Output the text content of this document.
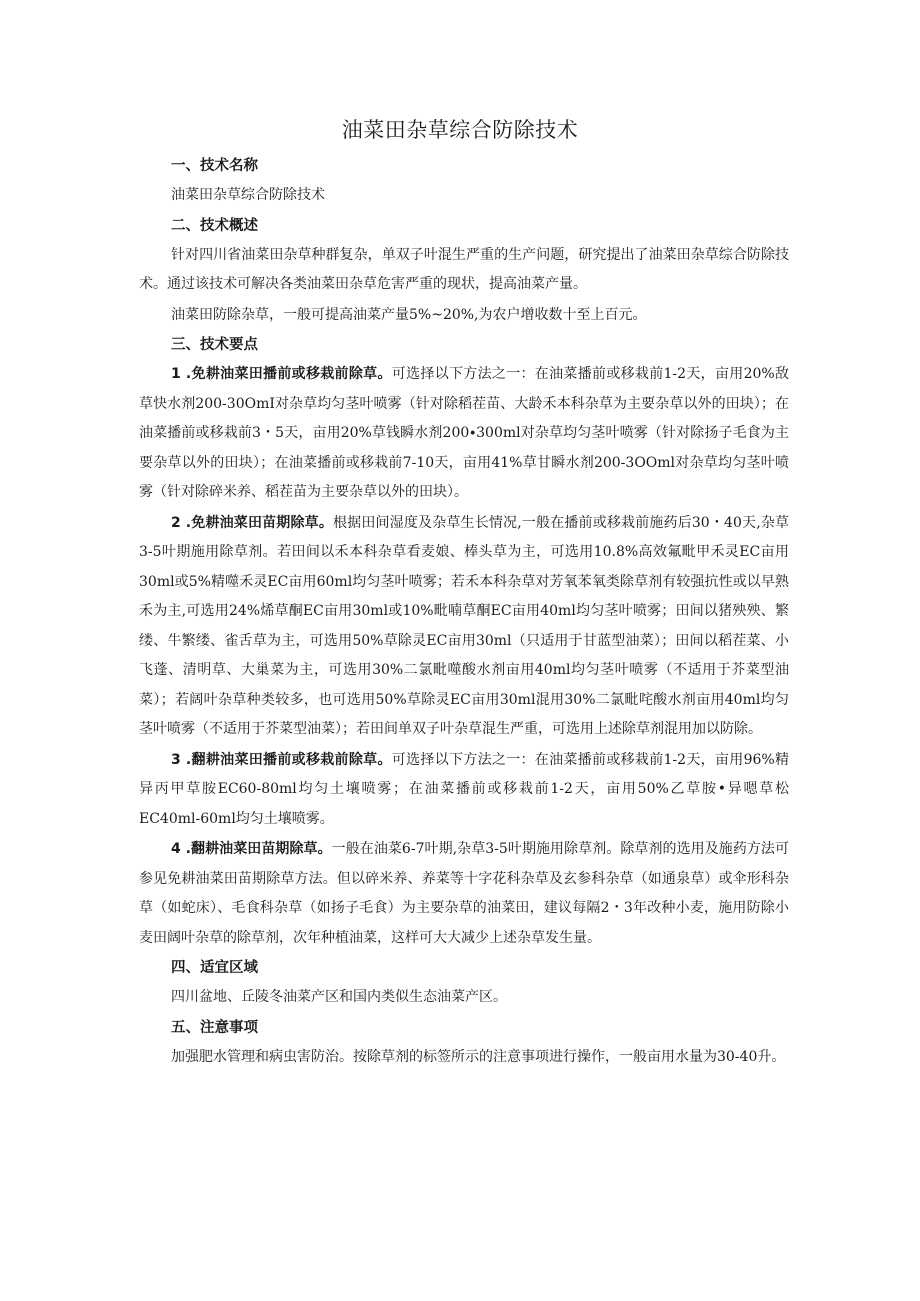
油菜田杂草综合防除技术
一、技术名称

油菜田杂草综合防除技术

二、技术概述

针对四川省油菜田杂草种群复杂，单双子叶混生严重的生产问题，研究提出了油菜田杂草综合防除技术。通过该技术可解决各类油菜田杂草危害严重的现状，提高油菜产量。

油菜田防除杂草，一般可提高油菜产量5%~20%,为农户增收数十至上百元。

三、技术要点

1 .免耕油菜田播前或移栽前除草。可选择以下方法之一：在油菜播前或移栽前1-2天，亩用20%敌草快水剂200-30OmI对杂草均匀茎叶喷雾（针对除稻茬苗、大龄禾本科杂草为主要杂草以外的田块）；在油菜播前或移栽前3・5天，亩用20%草钱瞬水剂200∙300ml对杂草均匀茎叶喷雾（针对除扬子毛食为主要杂草以外的田块）；在油菜播前或移栽前7-10天，亩用41%草甘瞬水剂200-3OOml对杂草均匀茎叶喷雾（针对除碎米养、稻茬苗为主要杂草以外的田块）。

2 .免耕油菜田苗期除草。根据田间湿度及杂草生长情况,一般在播前或移栽前施药后30・40天,杂草3-5叶期施用除草剂。若田间以禾本科杂草看麦娘、棒头草为主，可选用10.8%高效氟毗甲禾灵EC亩用30ml或5%精噬禾灵EC亩用60ml均匀茎叶喷雾；若禾本科杂草对芳氧苯氧类除草剂有较强抗性或以早熟禾为主,可选用24%烯草酮EC亩用30ml或10%毗喃草酮EC亩用40ml均匀茎叶喷雾；田间以猪殃殃、繁缕、牛繁缕、雀舌草为主，可选用50%草除灵EC亩用30ml（只适用于甘蓝型油菜）；田间以稻茬菜、小飞蓬、清明草、大巢菜为主，可选用30%二氯毗噬酸水剂亩用40ml均匀茎叶喷雾（不适用于芥菜型油菜）；若阔叶杂草种类较多，也可选用50%草除灵EC亩用30ml混用30%二氯毗咤酸水剂亩用40ml均匀茎叶喷雾（不适用于芥菜型油菜）；若田间单双子叶杂草混生严重，可选用上述除草剂混用加以防除。

3 .翻耕油菜田播前或移栽前除草。可选择以下方法之一：在油菜播前或移栽前1-2天，亩用96%精异丙甲草胺EC60-80ml均匀土壤喷雾；在油菜播前或移栽前1-2天，亩用50%乙草胺•异嗯草松EC40ml-60ml均匀土壤喷雾。

4 .翻耕油菜田苗期除草。一般在油菜6-7叶期,杂草3-5叶期施用除草剂。除草剂的选用及施药方法可参见免耕油菜田苗期除草方法。但以碎米养、养菜等十字花科杂草及玄参科杂草（如通泉草）或伞形科杂草（如蛇床）、毛食科杂草（如扬子毛食）为主要杂草的油菜田，建议每隔2・3年改种小麦，施用防除小麦田阔叶杂草的除草剂，次年种植油菜，这样可大大减少上述杂草发生量。

四、适宜区域

四川盆地、丘陵冬油菜产区和国内类似生态油菜产区。

五、注意事项

加强肥水管理和病虫害防治。按除草剂的标签所示的注意事项进行操作，一般亩用水量为30-40升。
